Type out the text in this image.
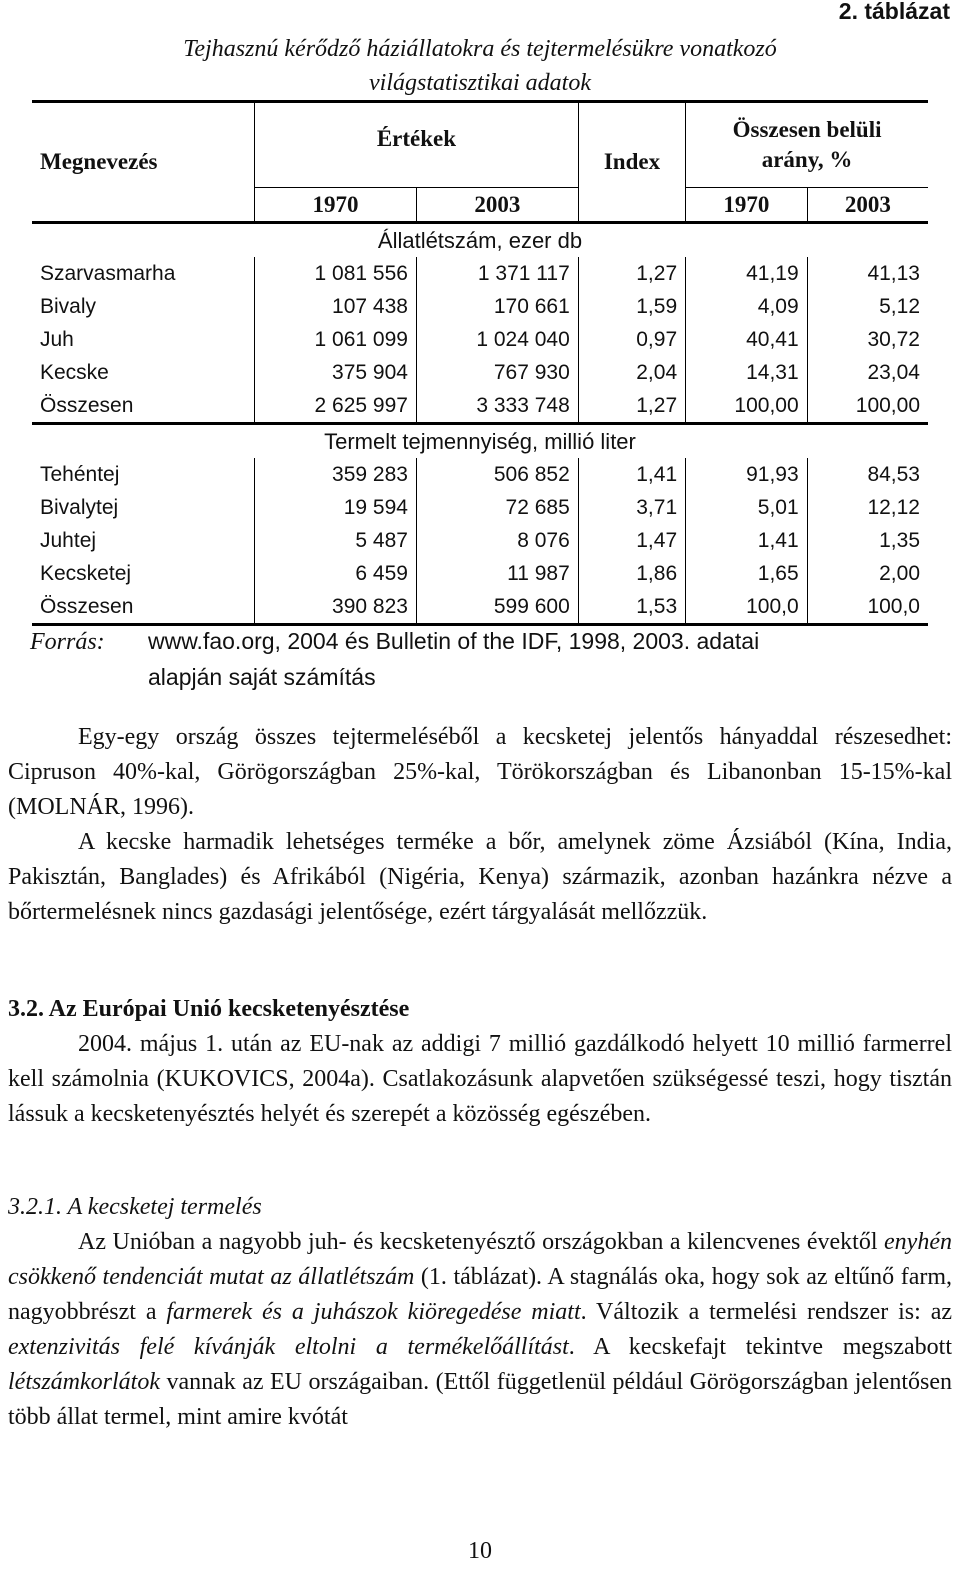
2. táblázat
Tejhasznú kérődző háziállatokra és tejtermelésükre vonatkozó
világstatisztikai adatok
Megnevezés	Értékek		Index	Összesen belüli
arány, %	

	1970	2003		1970	2003
Állatlétszám, ezer db					
Szarvasmarha	1 081 556	1 371 117	1,27	41,19	41,13
Bivaly	107 438	170 661	1,59	4,09	5,12
Juh	1 061 099	1 024 040	0,97	40,41	30,72
Kecske	375 904	767 930	2,04	14,31	23,04
Összesen	2 625 997	3 333 748	1,27	100,00	100,00
Termelt tejmennyiség, millió liter					
Tehéntej	359 283	506 852	1,41	91,93	84,53
Bivalytej	19 594	72 685	3,71	5,01	12,12
Juhtej	5 487	8 076	1,47	1,41	1,35
Kecsketej	6 459	11 987	1,86	1,65	2,00
Összesen	390 823	599 600	1,53	100,0	100,0
Forrás: www.fao.org, 2004 és Bulletin of the IDF, 1998, 2003. adatai
alapján saját számítás

Egy-egy ország összes tejtermeléséből a kecsketej jelentős hányaddal részesedhet: Cipruson 40%-kal, Görögországban 25%-kal, Törökországban és Libanonban 15-15%-kal (MOLNÁR, 1996).

A kecske harmadik lehetséges terméke a bőr, amelynek zöme Ázsiából (Kína, India, Pakisztán, Banglades) és Afrikából (Nigéria, Kenya) származik, azonban hazánkra nézve a bőrtermelésnek nincs gazdasági jelentősége, ezért tárgyalását mellőzzük.

3.2. Az Európai Unió kecsketenyésztése

2004. május 1. után az EU-nak az addigi 7 millió gazdálkodó helyett 10 millió farmerrel kell számolnia (KUKOVICS, 2004a). Csatlakozásunk alapvetően szükségessé teszi, hogy tisztán lássuk a kecsketenyésztés helyét és szerepét a közösség egészében.

3.2.1. A kecsketej termelés

Az Unióban a nagyobb juh- és kecsketenyésztő országokban a kilencvenes évektől enyhén csökkenő tendenciát mutat az állatlétszám (1. táblázat). A stagnálás oka, hogy sok az eltűnő farm, nagyobbrészt a farmerek és a juhászok kiöregedése miatt. Változik a termelési rendszer is: az extenzivitás felé kívánják eltolni a termékelőállítást. A kecskefajt tekintve megszabott létszámkorlátok vannak az EU országaiban. (Ettől függetlenül például Görögországban jelentősen több állat termel, mint amire kvótát

10
